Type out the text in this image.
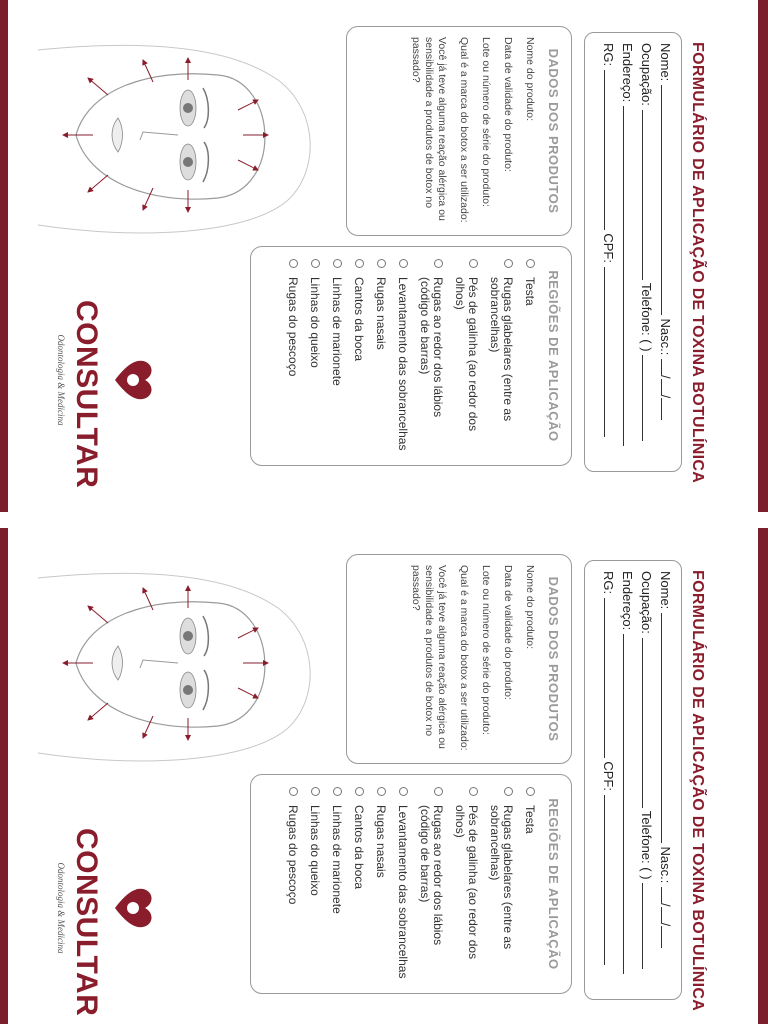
FORMULÁRIO DE APLICAÇÃO DE TOXINA BOTULÍNICA
Nome:  Nasc.: //
Ocupação:  Telefone: ( )
Endereço:
RG:  CPF:
DADOS DOS PRODUTOS
Nome do produto:
Data de validade do produto:
Lote ou número de série do produto:
Qual é a marca do botox a ser utilizado:
Você já teve alguma reação alérgica ou sensibilidade a produtos de botox no passado?
REGIÕES DE APLICAÇÃO
Testa
Rugas glabelares (entre as sobrancelhas)
Pés de galinha (ao redor dos olhos)
Rugas ao redor dos lábios (código de barras)
Levantamento das sobrancelhas
Rugas nasais
Cantos da boca
Linhas de marionete
Linhas do queixo
Rugas do pescoço
CONSULTAR
Odontologia & Medicina
FORMULÁRIO DE APLICAÇÃO DE TOXINA BOTULÍNICA
Nome:  Nasc.: //
Ocupação:  Telefone: ( )
Endereço:
RG:  CPF:
DADOS DOS PRODUTOS
Nome do produto:
Data de validade do produto:
Lote ou número de série do produto:
Qual é a marca do botox a ser utilizado:
Você já teve alguma reação alérgica ou sensibilidade a produtos de botox no passado?
REGIÕES DE APLICAÇÃO
Testa
Rugas glabelares (entre as sobrancelhas)
Pés de galinha (ao redor dos olhos)
Rugas ao redor dos lábios (código de barras)
Levantamento das sobrancelhas
Rugas nasais
Cantos da boca
Linhas de marionete
Linhas do queixo
Rugas do pescoço
CONSULTAR
Odontologia & Medicina
